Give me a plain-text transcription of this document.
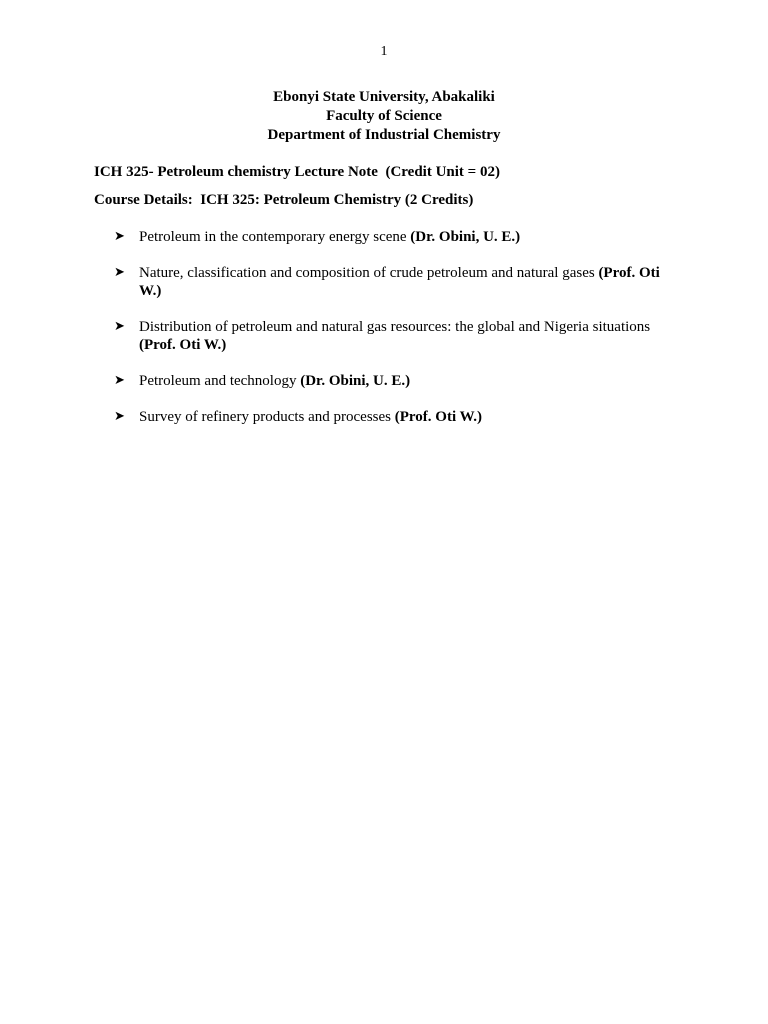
1
Ebonyi State University, Abakaliki
Faculty of Science
Department of Industrial Chemistry
ICH 325- Petroleum chemistry Lecture Note  (Credit Unit = 02)
Course Details:  ICH 325: Petroleum Chemistry (2 Credits)
➤ Petroleum in the contemporary energy scene (Dr. Obini, U. E.)
➤ Nature, classification and composition of crude petroleum and natural gases (Prof. Oti W.)
➤ Distribution of petroleum and natural gas resources: the global and Nigeria situations (Prof. Oti W.)
➤ Petroleum and technology (Dr. Obini, U. E.)
➤ Survey of refinery products and processes (Prof. Oti W.)
